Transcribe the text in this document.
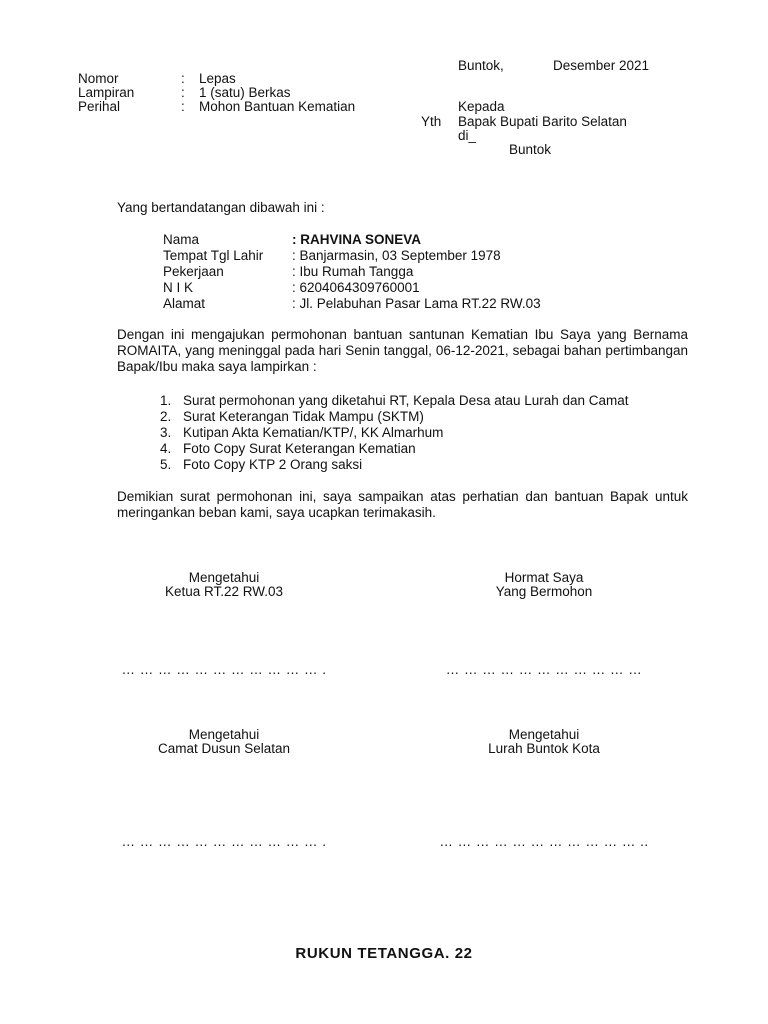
Buntok,	Desember 2021
Nomor	: Lepas
Lampiran	: 1 (satu) Berkas
Perihal	: Mohon Bantuan Kematian	Kepada
Yth Bapak Bupati Barito Selatan
di_
Buntok
Yang bertandatangan dibawah ini :
Nama	: RAHVINA SONEVA
Tempat Tgl Lahir : Banjarmasin, 03 September 1978
Pekerjaan	: Ibu Rumah Tangga
N I K	: 6204064309760001
Alamat	: Jl. Pelabuhan Pasar Lama RT.22 RW.03
Dengan ini mengajukan permohonan bantuan santunan Kematian Ibu Saya yang Bernama ROMAITA, yang meninggal pada hari Senin tanggal, 06-12-2021, sebagai bahan pertimbangan Bapak/Ibu maka saya lampirkan :
1. Surat permohonan yang diketahui RT, Kepala Desa atau Lurah dan Camat
2. Surat Keterangan Tidak Mampu (SKTM)
3. Kutipan Akta Kematian/KTP/, KK Almarhum
4. Foto Copy Surat Keterangan Kematian
5. Foto Copy KTP 2 Orang saksi
Demikian surat permohonan ini, saya sampaikan atas perhatian dan bantuan Bapak untuk meringankan beban kami, saya ucapkan terimakasih.
Mengetahui
Ketua RT.22 RW.03
… … … … … … … … … … … .
Hormat Saya
Yang Bermohon
… … … … … … … … … … …
Mengetahui
Camat Dusun Selatan
… … … … … … … … … … … .
Mengetahui
Lurah Buntok Kota
… … … … … … … … … … … ..
RUKUN TETANGGA. 22
